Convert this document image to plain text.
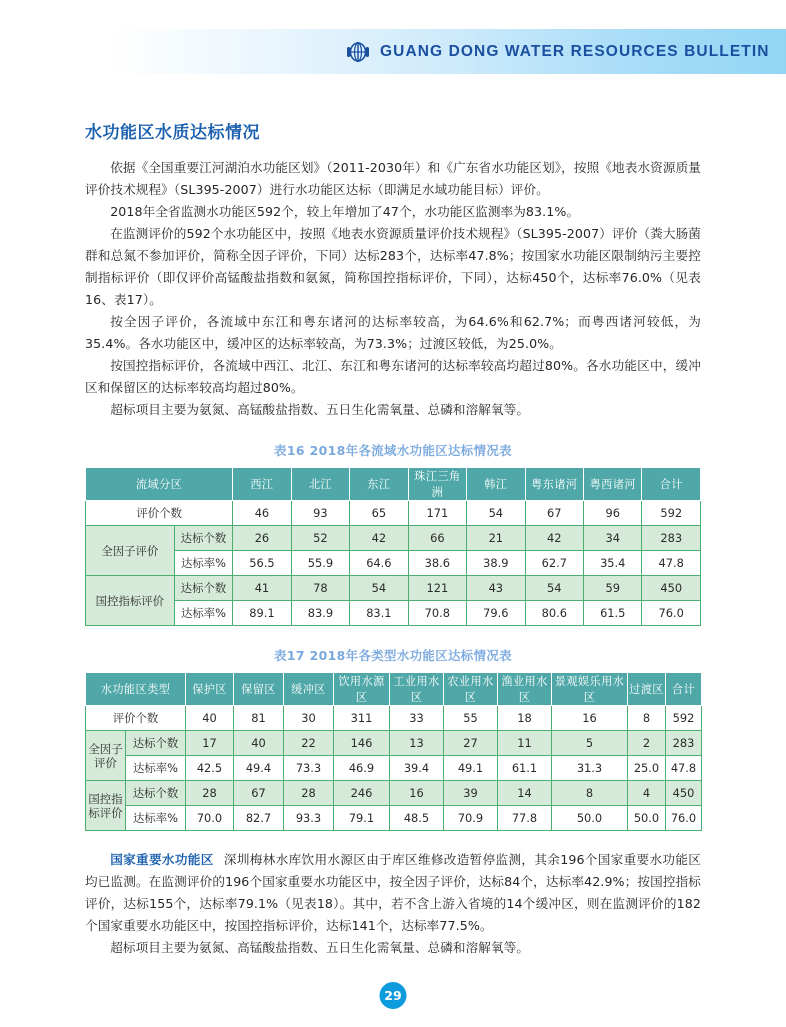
GUANG DONG WATER RESOURCES BULLETIN
水功能区水质达标情况

依据《全国重要江河湖泊水功能区划》（2011-2030年）和《广东省水功能区划》，按照《地表水资源质量评价技术规程》（SL395-2007）进行水功能区达标（即满足水域功能目标）评价。

2018年全省监测水功能区592个，较上年增加了47个，水功能区监测率为83.1%。

在监测评价的592个水功能区中，按照《地表水资源质量评价技术规程》（SL395-2007）评价（粪大肠菌群和总氮不参加评价，简称全因子评价，下同）达标283个，达标率47.8%；按国家水功能区限制纳污主要控制指标评价（即仅评价高锰酸盐指数和氨氮，简称国控指标评价，下同），达标450个，达标率76.0%（见表16、表17）。

按全因子评价，各流域中东江和粤东诸河的达标率较高，为64.6%和62.7%；而粤西诸河较低，为35.4%。各水功能区中，缓冲区的达标率较高，为73.3%；过渡区较低，为25.0%。

按国控指标评价，各流域中西江、北江、东江和粤东诸河的达标率较高均超过80%。各水功能区中，缓冲区和保留区的达标率较高均超过80%。

超标项目主要为氨氮、高锰酸盐指数、五日生化需氧量、总磷和溶解氧等。

表16 2018年各流域水功能区达标情况表
流域分区		西江	北江	东江	珠江三角洲	韩江	粤东诸河	粤西诸河	合计
评价个数		46	93	65	171	54	67	96	592
全因子评价	达标个数	26	52	42	66	21	42	34	283
	达标率%	56.5	55.9	64.6	38.6	38.9	62.7	35.4	47.8
国控指标评价	达标个数	41	78	54	121	43	54	59	450
	达标率%	89.1	83.9	83.1	70.8	79.6	80.6	61.5	76.0
表17 2018年各类型水功能区达标情况表
水功能区类型		保护区	保留区	缓冲区	饮用水源区	工业用水区	农业用水区	渔业用水区	景观娱乐用水区	过渡区	合计
评价个数		40	81	30	311	33	55	18	16	8	592
全因子 评价	达标个数	17	40	22	146	13	27	11	5	2	283
	达标率%	42.5	49.4	73.3	46.9	39.4	49.1	61.1	31.3	25.0	47.8
国控指 标评价	达标个数	28	67	28	246	16	39	14	8	4	450
	达标率%	70.0	82.7	93.3	79.1	48.5	70.9	77.8	50.0	50.0	76.0

国家重要水功能区 深圳梅林水库饮用水源区由于库区维修改造暂停监测，其余196个国家重要水功能区均已监测。在监测评价的196个国家重要水功能区中，按全因子评价，达标84个，达标率42.9%；按国控指标评价，达标155个，达标率79.1%（见表18）。其中，若不含上游入省境的14个缓冲区，则在监测评价的182个国家重要水功能区中，按国控指标评价，达标141个，达标率77.5%。

超标项目主要为氨氮、高锰酸盐指数、五日生化需氧量、总磷和溶解氧等。

29
